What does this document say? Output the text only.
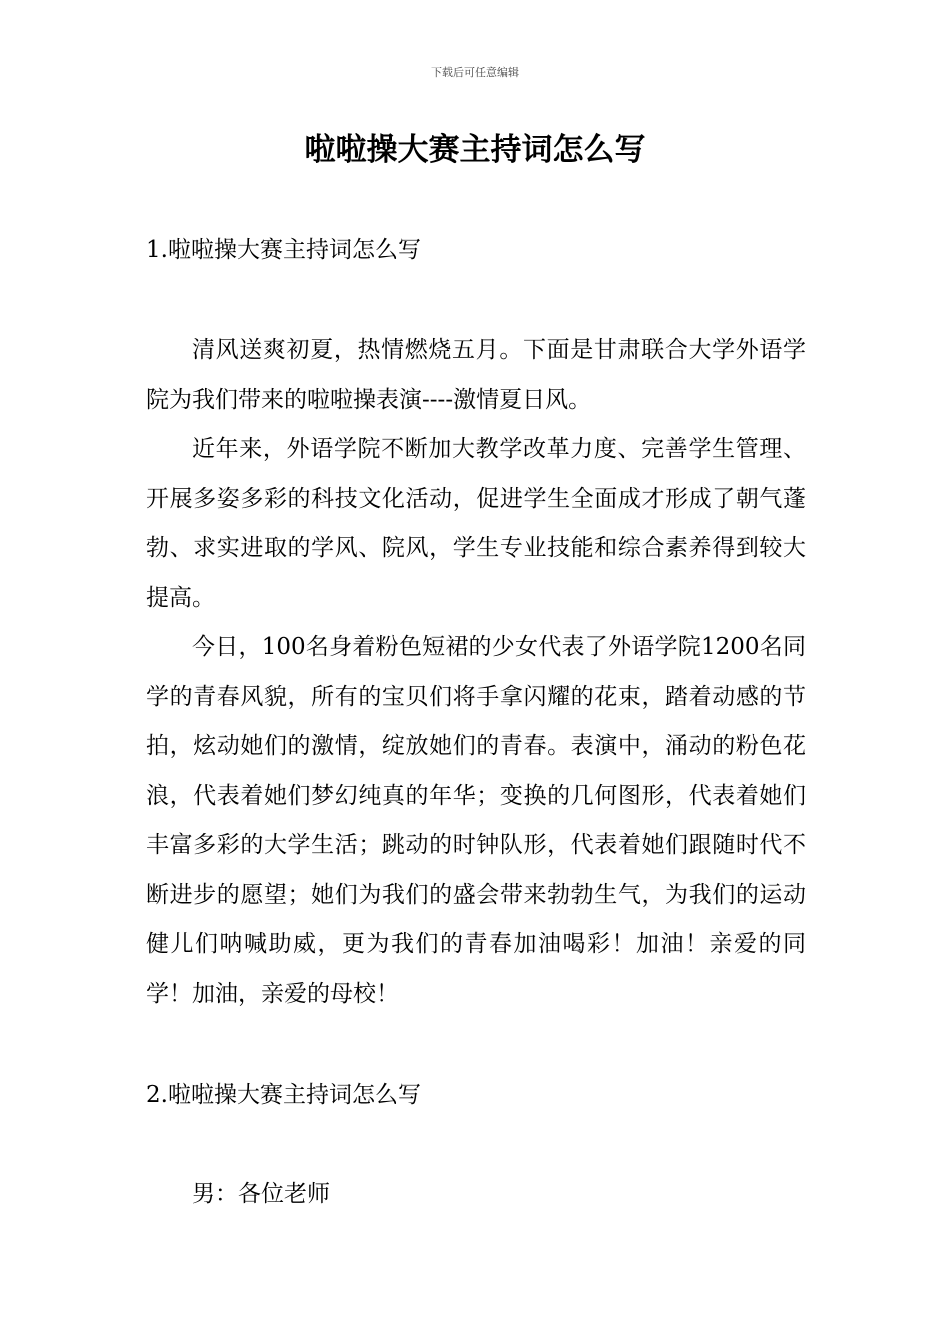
下载后可任意编辑
啦啦操大赛主持词怎么写
1.啦啦操大赛主持词怎么写

清风送爽初夏，热情燃烧五月。下面是甘肃联合大学外语学院为我们带来的啦啦操表演----激情夏日风。

近年来，外语学院不断加大教学改革力度、完善学生管理、开展多姿多彩的科技文化活动，促进学生全面成才形成了朝气蓬勃、求实进取的学风、院风，学生专业技能和综合素养得到较大提高。

今日，100名身着粉色短裙的少女代表了外语学院1200名同学的青春风貌，所有的宝贝们将手拿闪耀的花束，踏着动感的节拍，炫动她们的激情，绽放她们的青春。表演中，涌动的粉色花浪，代表着她们梦幻纯真的年华；变换的几何图形，代表着她们丰富多彩的大学生活；跳动的时钟队形，代表着她们跟随时代不断进步的愿望；她们为我们的盛会带来勃勃生气，为我们的运动健儿们呐喊助威，更为我们的青春加油喝彩！加油！亲爱的同学！加油，亲爱的母校！

2.啦啦操大赛主持词怎么写

男：各位老师
